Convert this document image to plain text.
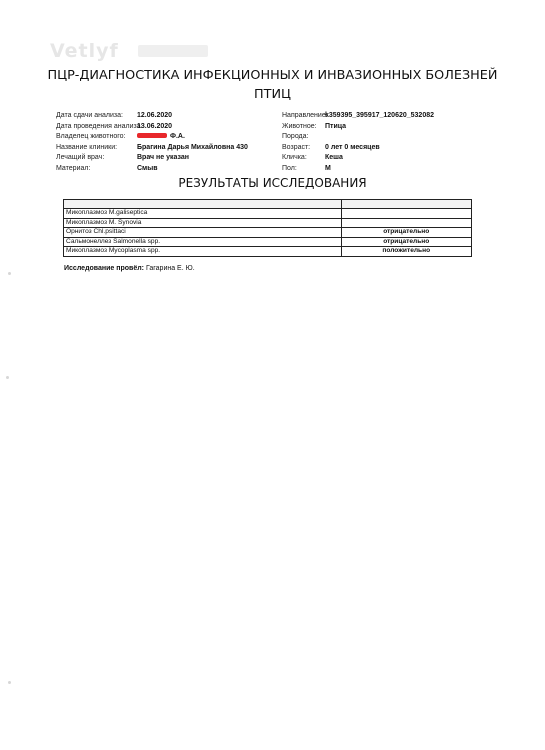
Vetlyf
ПЦР-ДИАГНОСТИКА ИНФЕКЦИОННЫХ И ИНВАЗИОННЫХ БОЛЕЗНЕЙ
ПТИЦ
Дата сдачи анализа: 12.06.2020
Дата проведения анализа:
13.06.2020
Владелец животного:	Ф.А.
Название клиники:	Брагина Дарья Михайловна 430
Лечащий врач:	Врач не указан
Материал:	Смыв
Направление:
k359395_395917_120620_532082
Животное: Птица
Порода:
Возраст: 0 лет 0 месяцев
Кличка:	Кеша
Пол:	М
РЕЗУЛЬТАТЫ ИССЛЕДОВАНИЯ

Микоплазмоз M.galiseptica	
Микоплазмоз M. Synovia	
Орнитоз Chl.psittaci	отрицательно
Сальмонеллез Salmonella spp.	отрицательно
Микоплазмоз Mycoplasma spp.	положительно
Исследование провёл: Гагарина Е. Ю.
